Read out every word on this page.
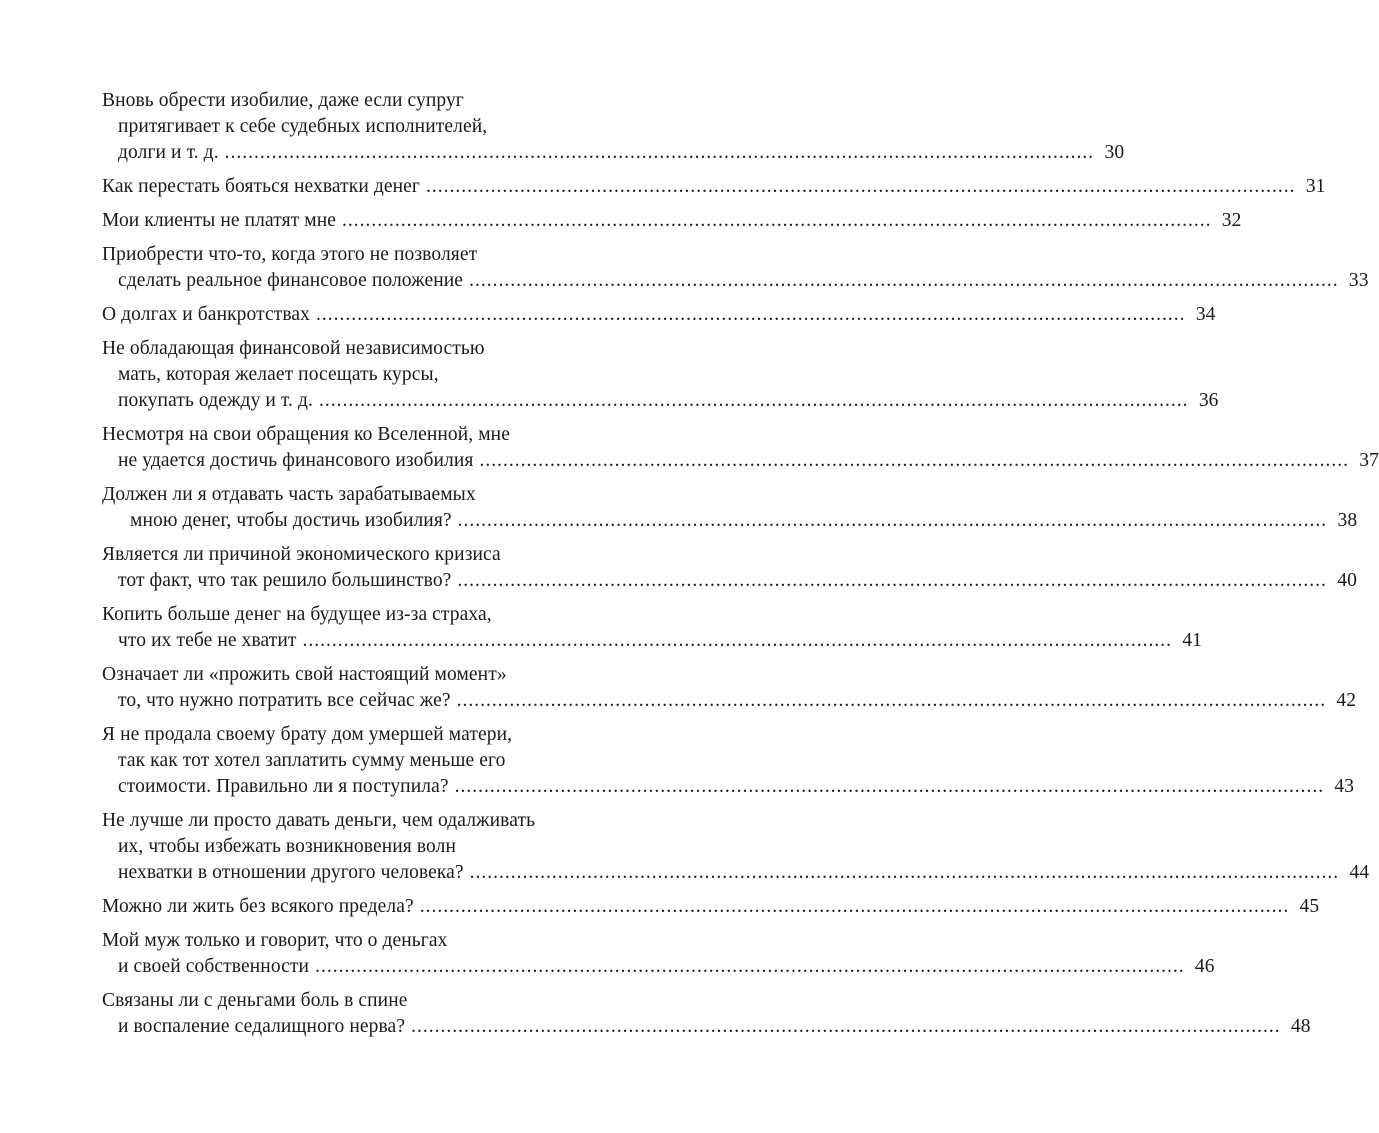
Вновь обрести изобилие, даже если супруг
притягивает к себе судебных исполнителей,
долги и т. д. .................................................................................................................................................... 30
Как перестать бояться нехватки денег .................................................................................................................................................... 31
Мои клиенты не платят мне .................................................................................................................................................... 32
Приобрести что-то, когда этого не позволяет
сделать реальное финансовое положение .................................................................................................................................................... 33
О долгах и банкротствах .................................................................................................................................................... 34
Не обладающая финансовой независимостью
мать, которая желает посещать курсы,
покупать одежду и т. д. .................................................................................................................................................... 36
Несмотря на свои обращения ко Вселенной, мне
не удается достичь финансового изобилия .................................................................................................................................................... 37
Должен ли я отдавать часть зарабатываемых
мною денег, чтобы достичь изобилия? .................................................................................................................................................... 38
Является ли причиной экономического кризиса
тот факт, что так решило большинство? .................................................................................................................................................... 40
Копить больше денег на будущее из-за страха,
что их тебе не хватит .................................................................................................................................................... 41
Означает ли «прожить свой настоящий момент»
то, что нужно потратить все сейчас же? .................................................................................................................................................... 42
Я не продала своему брату дом умершей матери,
так как тот хотел заплатить сумму меньше его
стоимости. Правильно ли я поступила? .................................................................................................................................................... 43
Не лучше ли просто давать деньги, чем одалживать
их, чтобы избежать возникновения волн
нехватки в отношении другого человека? .................................................................................................................................................... 44
Можно ли жить без всякого предела? .................................................................................................................................................... 45
Мой муж только и говорит, что о деньгах
и своей собственности .................................................................................................................................................... 46
Связаны ли с деньгами боль в спине
и воспаление седалищного нерва? .................................................................................................................................................... 48
